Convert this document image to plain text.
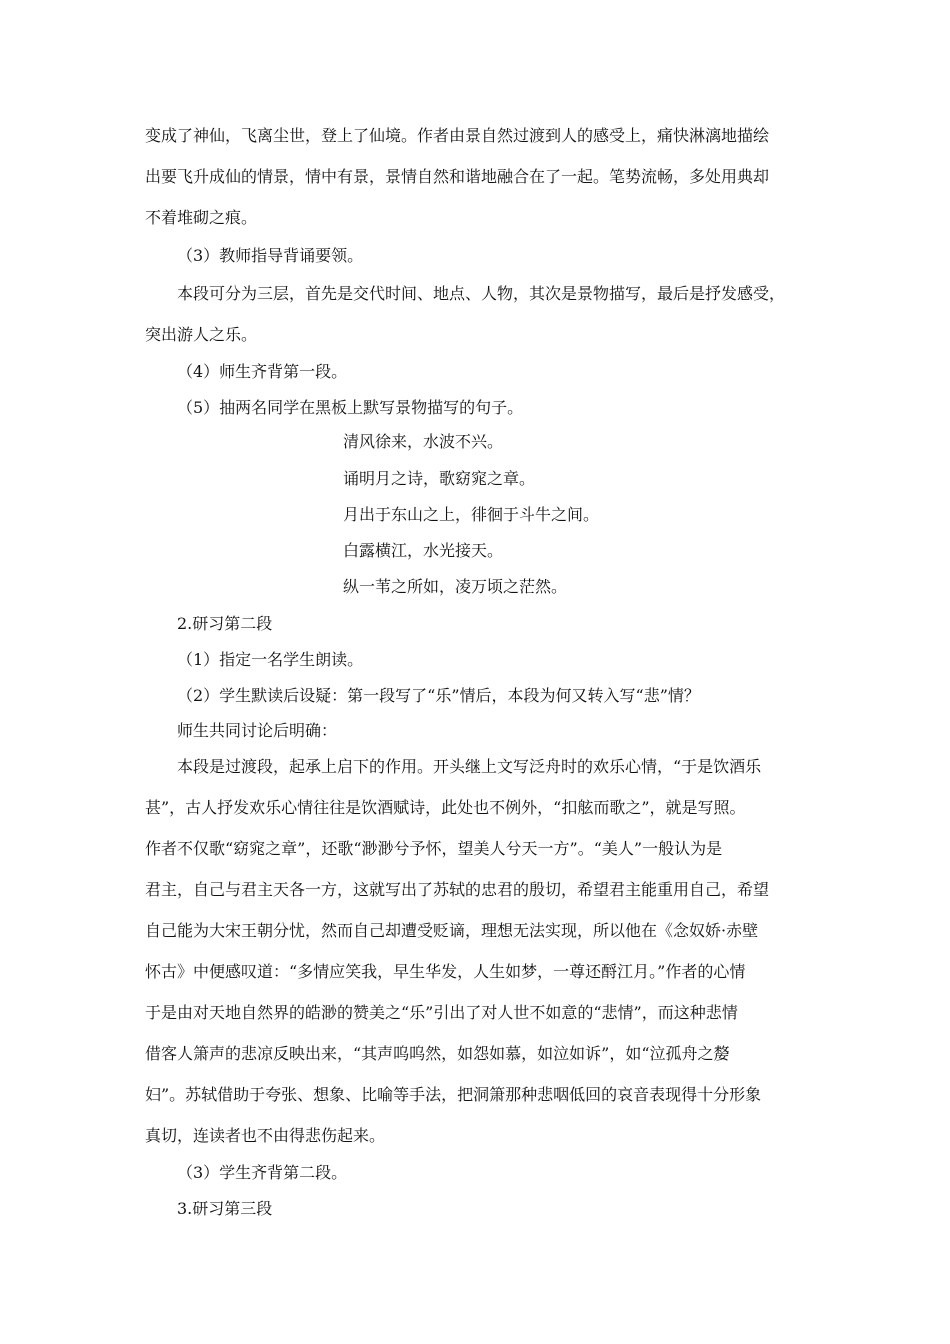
变成了神仙，飞离尘世，登上了仙境。作者由景自然过渡到人的感受上，痛快淋漓地描绘
出要飞升成仙的情景，情中有景，景情自然和谐地融合在了一起。笔势流畅，多处用典却
不着堆砌之痕。
（3）教师指导背诵要领。
本段可分为三层，首先是交代时间、地点、人物，其次是景物描写，最后是抒发感受，
突出游人之乐。
（4）师生齐背第一段。
（5）抽两名同学在黑板上默写景物描写的句子。
清风徐来，水波不兴。
诵明月之诗，歌窈窕之章。
月出于东山之上，徘徊于斗牛之间。
白露横江，水光接天。
纵一苇之所如，凌万顷之茫然。
2.研习第二段
（1）指定一名学生朗读。
（2）学生默读后设疑：第一段写了“乐”情后，本段为何又转入写“悲”情？
师生共同讨论后明确：
本段是过渡段，起承上启下的作用。开头继上文写泛舟时的欢乐心情，“于是饮酒乐
甚”，古人抒发欢乐心情往往是饮酒赋诗，此处也不例外，“扣舷而歌之”，就是写照。
作者不仅歌“窈窕之章”，还歌“渺渺兮予怀，望美人兮天一方”。“美人”一般认为是
君主，自己与君主天各一方，这就写出了苏轼的忠君的殷切，希望君主能重用自己，希望
自己能为大宋王朝分忧，然而自己却遭受贬谪，理想无法实现，所以他在《念奴娇·赤壁
怀古》中便感叹道：“多情应笑我，早生华发，人生如梦，一尊还酹江月。”作者的心情
于是由对天地自然界的皓渺的赞美之“乐”引出了对人世不如意的“悲情”，而这种悲情
借客人箫声的悲凉反映出来，“其声呜呜然，如怨如慕，如泣如诉”，如“泣孤舟之嫠
妇”。苏轼借助于夸张、想象、比喻等手法，把洞箫那种悲咽低回的哀音表现得十分形象
真切，连读者也不由得悲伤起来。
（3）学生齐背第二段。
3.研习第三段
